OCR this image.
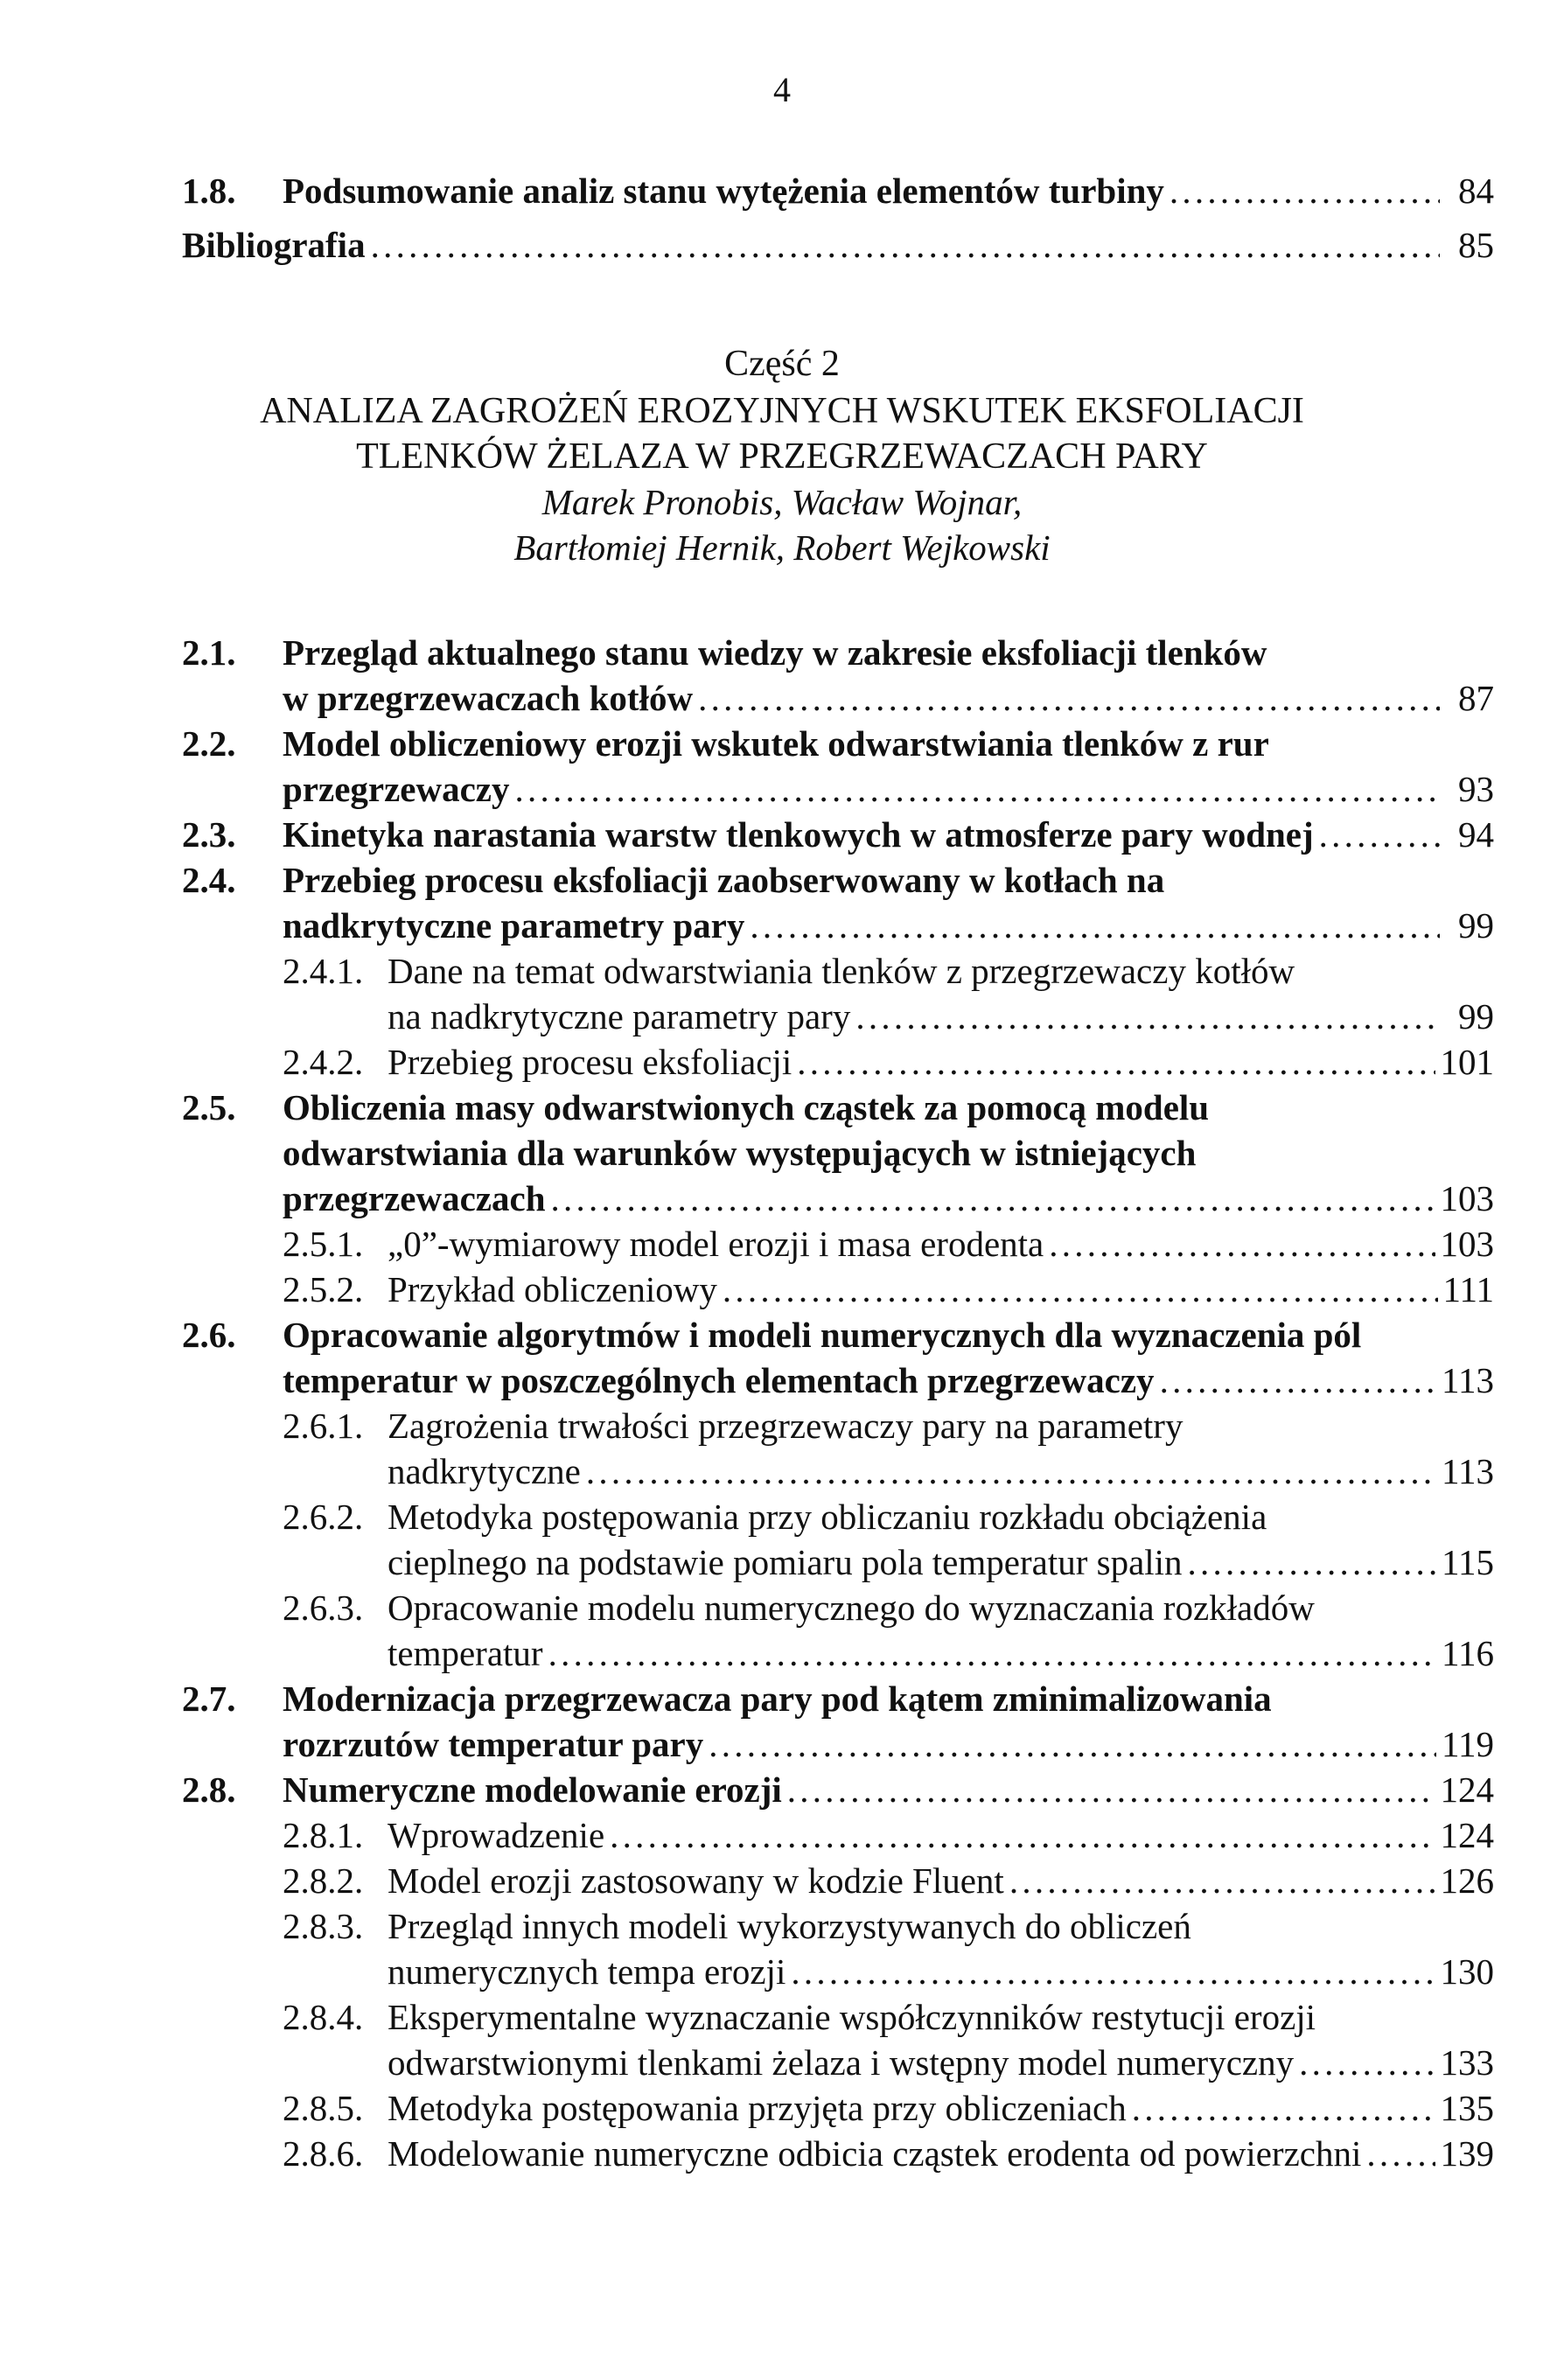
4
1.8.	Podsumowanie analiz stanu wytężenia elementów turbiny . . .	84
Bibliografia . . .	85
Część 2
ANALIZA ZAGROŻEŃ EROZYJNYCH WSKUTEK EKSFOLIACJI
TLENKÓW ŻELAZA W PRZEGRZEWACZACH PARY
Marek Pronobis, Wacław Wojnar,
Bartłomiej Hernik, Robert Wejkowski
2.1.	Przegląd aktualnego stanu wiedzy w zakresie eksfoliacji tlenków
w przegrzewaczach kotłów . . .	87
2.2.	Model obliczeniowy erozji wskutek odwarstwiania tlenków z rur
przegrzewaczy . . .	93
2.3.	Kinetyka narastania warstw tlenkowych w atmosferze pary wodnej . . .	94
2.4.	Przebieg procesu eksfoliacji zaobserwowany w kotłach na
nadkrytyczne parametry pary . . .	99
2.4.1. Dane na temat odwarstwiania tlenków z przegrzewaczy kotłów
na nadkrytyczne parametry pary . . .	99
2.4.2. Przebieg procesu eksfoliacji . . .	101
2.5.	Obliczenia masy odwarstwionych cząstek za pomocą modelu
odwarstwiania dla warunków występujących w istniejących
przegrzewaczach . . .	103
2.5.1. „0”-wymiarowy model erozji i masa erodenta . . .	103
2.5.2. Przykład obliczeniowy . . .	111
2.6.	Opracowanie algorytmów i modeli numerycznych dla wyznaczenia pól
temperatur w poszczególnych elementach przegrzewaczy . . .	113
2.6.1. Zagrożenia trwałości przegrzewaczy pary na parametry
nadkrytyczne . . .	113
2.6.2. Metodyka postępowania przy obliczaniu rozkładu obciążenia
cieplnego na podstawie pomiaru pola temperatur spalin . . .	115
2.6.3. Opracowanie modelu numerycznego do wyznaczania rozkładów
temperatur . . .	116
2.7.	Modernizacja przegrzewacza pary pod kątem zminimalizowania
rozrzutów temperatur pary . . .	119
2.8.	Numeryczne modelowanie erozji . . .	124
2.8.1. Wprowadzenie . . .	124
2.8.2. Model erozji zastosowany w kodzie Fluent . . .	126
2.8.3. Przegląd innych modeli wykorzystywanych do obliczeń
numerycznych tempa erozji . . .	130
2.8.4. Eksperymentalne wyznaczanie współczynników restytucji erozji
odwarstwionymi tlenkami żelaza i wstępny model numeryczny . . .	133
2.8.5. Metodyka postępowania przyjęta przy obliczeniach . . .	135
2.8.6. Modelowanie numeryczne odbicia cząstek erodenta od powierzchni . . . 139
